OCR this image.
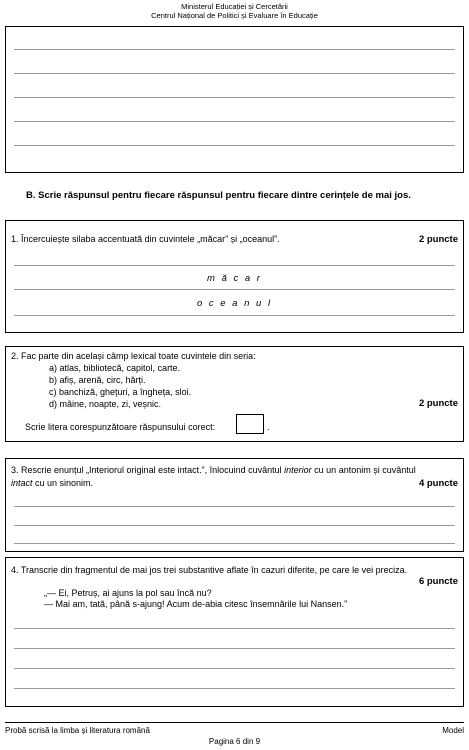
Ministerul Educației și Cercetării
Centrul Național de Politici și Evaluare în Educație
B. Scrie răspunsul pentru fiecare răspunsul pentru fiecare dintre cerințele de mai jos.
1. Încercuiește silaba accentuată din cuvintele „măcar” și „oceanul”.	2 puncte
m ă c a r
o c e a n u l
2. Fac parte din același câmp lexical toate cuvintele din seria:
a) atlas, bibliotecă, capitol, carte.
b) afiș, arenă, circ, hărți.
c) banchiză, ghețuri, a îngheța, sloi.
d) mâine, noapte, zi, veșnic.	2 puncte
Scrie litera corespunzătoare răspunsului corect:	.
3. Rescrie enunțul „Interiorul original este intact.”, înlocuind cuvântul interior cu un antonim și cuvântul
intact cu un sinonim.	4 puncte
4. Transcrie din fragmentul de mai jos trei substantive aflate în cazuri diferite, pe care le vei preciza.
6 puncte
„— Ei, Petruș, ai ajuns la pol sau încă nu?
— Mai am, tată, până s-ajung! Acum de-abia citesc însemnările lui Nansen.”
Probă scrisă la limba și literatura română	Model
Pagina 6 din 9
